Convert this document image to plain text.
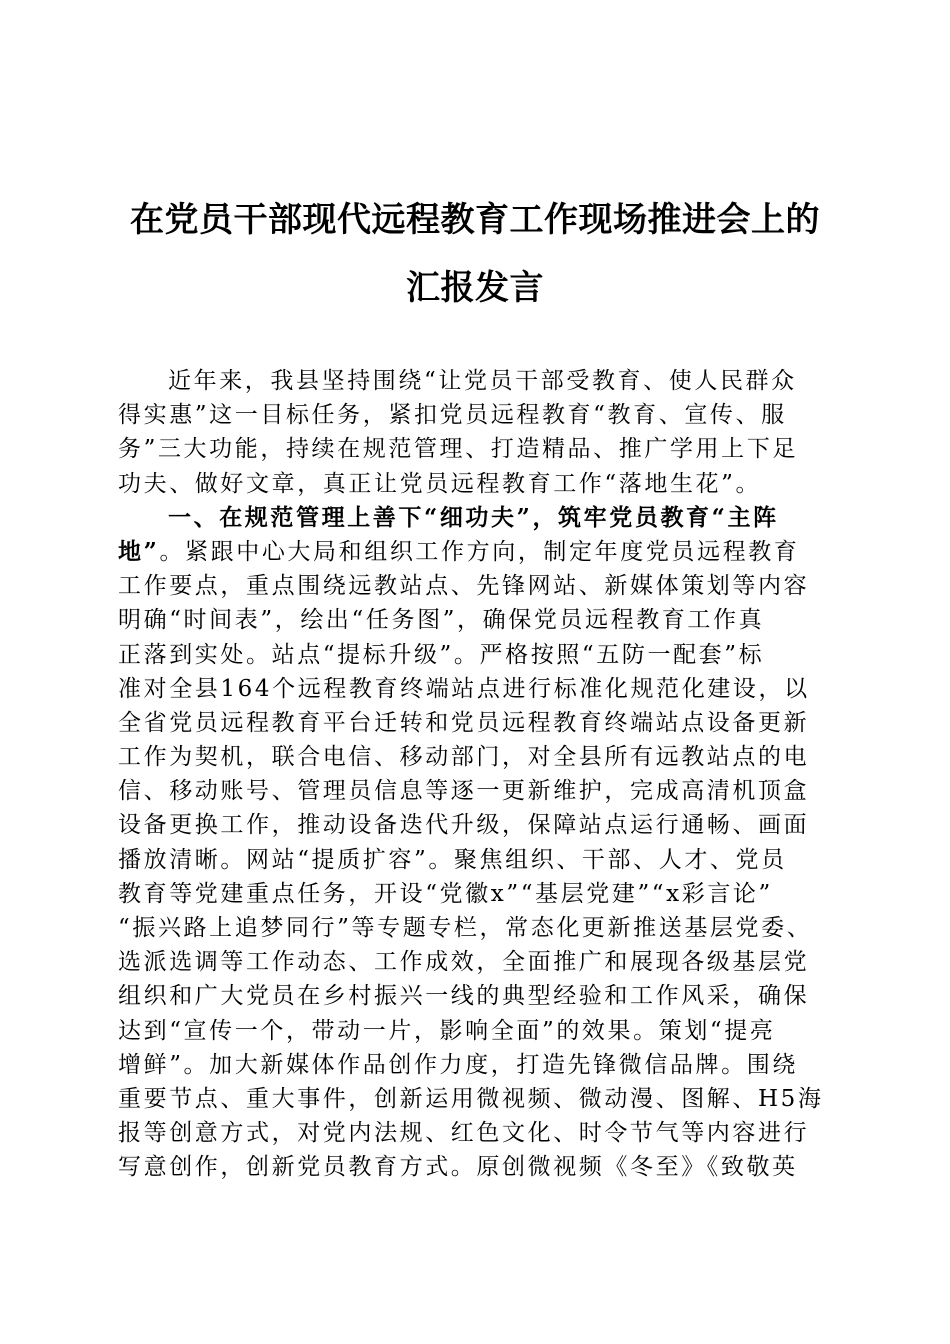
在党员干部现代远程教育工作现场推进会上的
汇报发言
近年来，我县坚持围绕“让党员干部受教育、使人民群众
得实惠”这一目标任务，紧扣党员远程教育“教育、宣传、服
务”三大功能，持续在规范管理、打造精品、推广学用上下足
功夫、做好文章，真正让党员远程教育工作“落地生花”。
一、在规范管理上善下“细功夫”，筑牢党员教育“主阵
地”。紧跟中心大局和组织工作方向，制定年度党员远程教育
工作要点，重点围绕远教站点、先锋网站、新媒体策划等内容
明确“时间表”，绘出“任务图”，确保党员远程教育工作真
正落到实处。站点“提标升级”。严格按照“五防一配套”标
准对全县164个远程教育终端站点进行标准化规范化建设，以
全省党员远程教育平台迁转和党员远程教育终端站点设备更新
工作为契机，联合电信、移动部门，对全县所有远教站点的电
信、移动账号、管理员信息等逐一更新维护，完成高清机顶盒
设备更换工作，推动设备迭代升级，保障站点运行通畅、画面
播放清晰。网站“提质扩容”。聚焦组织、干部、人才、党员
教育等党建重点任务，开设“党徽x”“基层党建”“x彩言论”
“振兴路上追梦同行”等专题专栏，常态化更新推送基层党委、
选派选调等工作动态、工作成效，全面推广和展现各级基层党
组织和广大党员在乡村振兴一线的典型经验和工作风采，确保
达到“宣传一个，带动一片，影响全面”的效果。策划“提亮
增鲜”。加大新媒体作品创作力度，打造先锋微信品牌。围绕
重要节点、重大事件，创新运用微视频、微动漫、图解、H5海
报等创意方式，对党内法规、红色文化、时令节气等内容进行
写意创作，创新党员教育方式。原创微视频《冬至》《致敬英
